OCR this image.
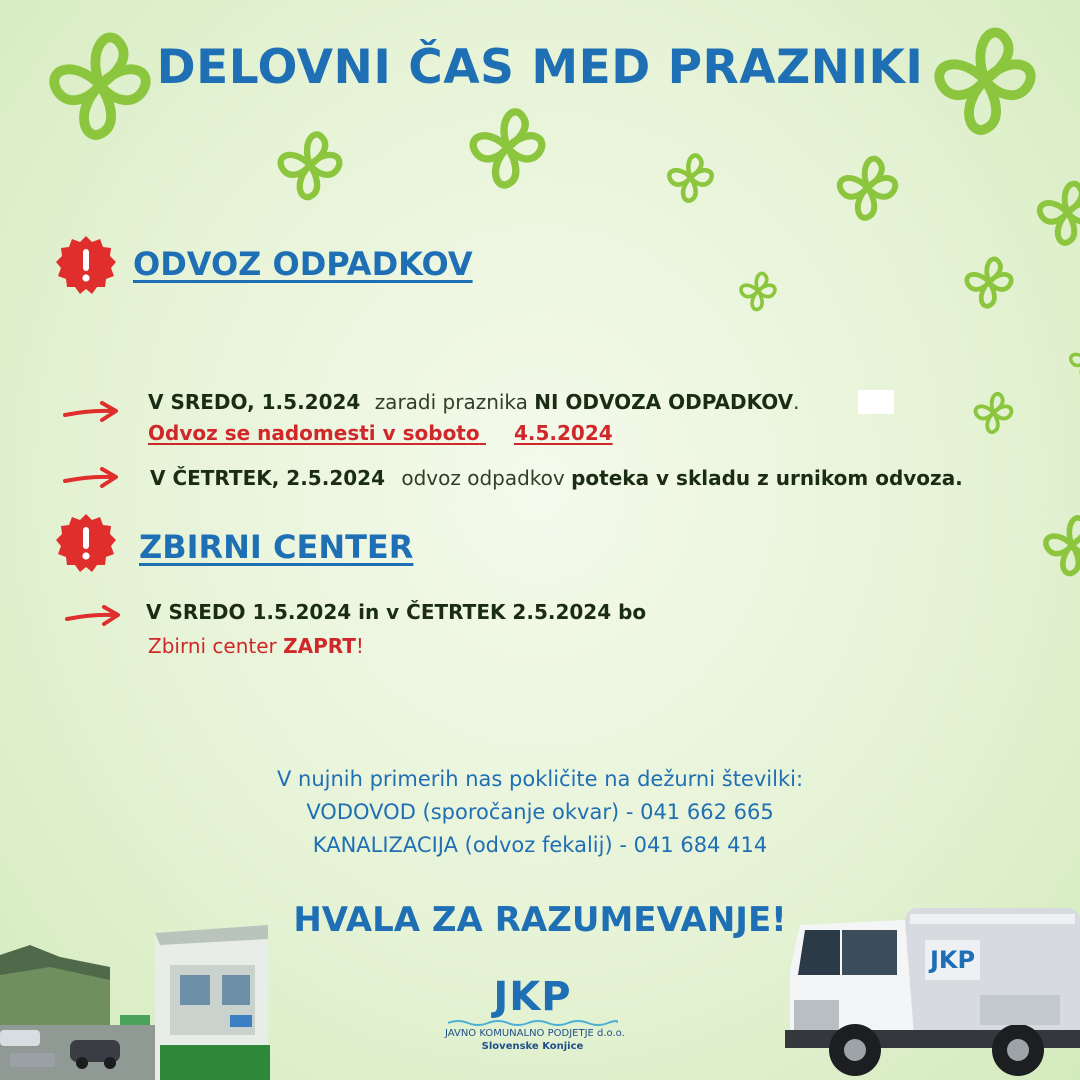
DELOVNI ČAS MED PRAZNIKI
ODVOZ ODPADKOV
V SREDO, 1.5.2024 zaradi praznika NI ODVOZA ODPADKOV.
Odvoz se nadomesti v soboto 4.5.2024
V ČETRTEK, 2.5.2024 odvoz odpadkov poteka v skladu z urnikom odvoza.
ZBIRNI CENTER
V SREDO 1.5.2024 in v ČETRTEK 2.5.2024 bo
Zbirni center ZAPRT!
V nujnih primerih nas pokličite na dežurni številki:
VODOVOD (sporočanje okvar) - 041 662 665
KANALIZACIJA (odvoz fekalij) - 041 684 414
HVALA ZA RAZUMEVANJE!
JKP
JAVNO KOMUNALNO PODJETJE d.o.o.
Slovenske Konjice
JKP
